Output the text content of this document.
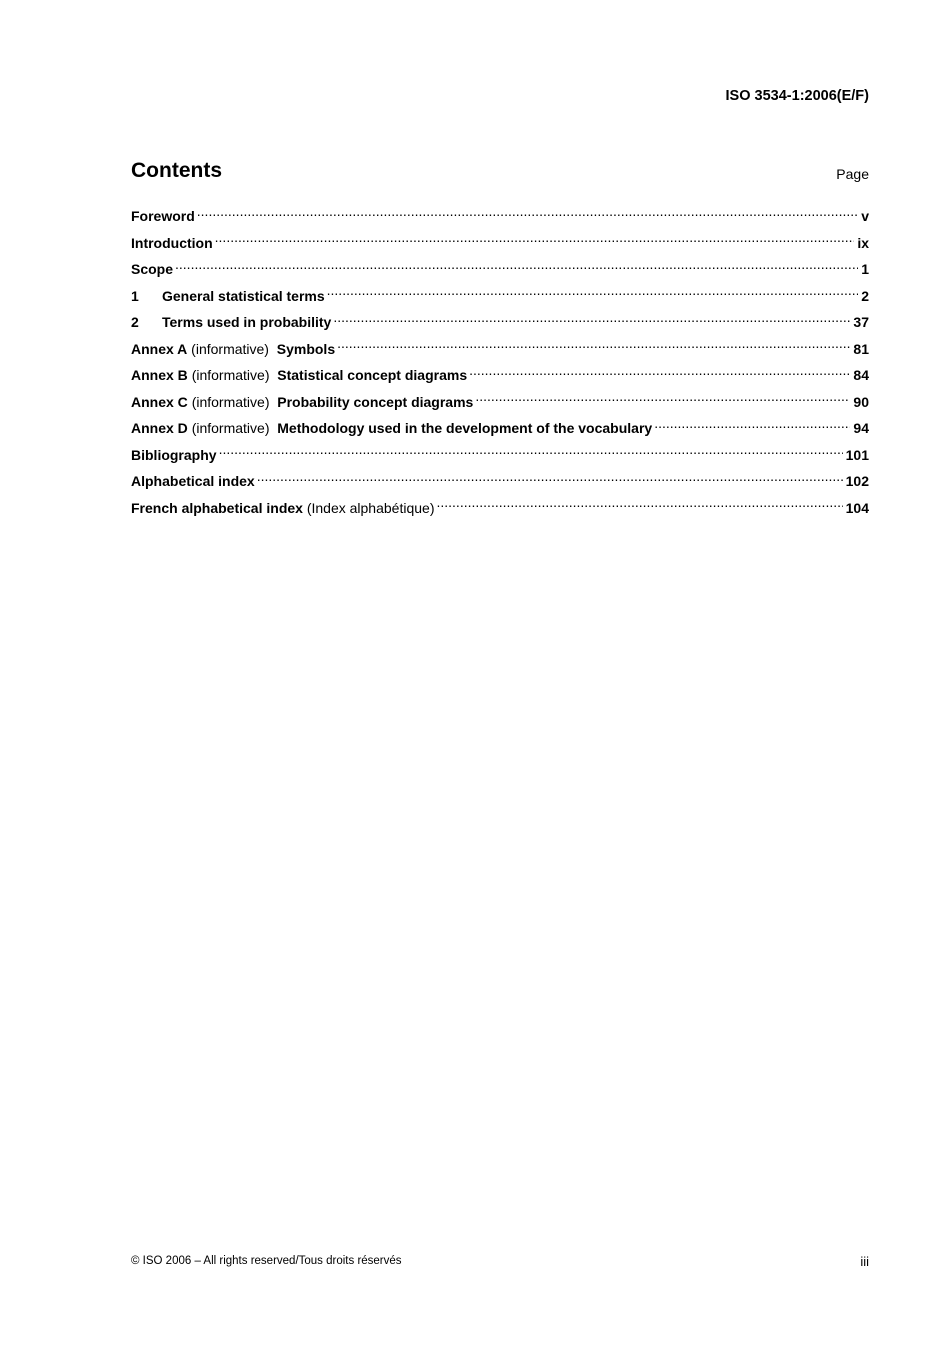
ISO 3534-1:2006(E/F)
Contents	Page
Foreword .....	v
Introduction .....	ix
Scope .....	1
1 General statistical terms .....	2
2 Terms used in probability .....	37
Annex A (informative) Symbols .....	81
Annex B (informative) Statistical concept diagrams .....	84
Annex C (informative) Probability concept diagrams .....	90
Annex D (informative) Methodology used in the development of the vocabulary .....	94
Bibliography .....	101
Alphabetical index .....	102
French alphabetical index (Index alphabétique) .....	104
© ISO 2006 – All rights reserved/Tous droits réservés	iii
